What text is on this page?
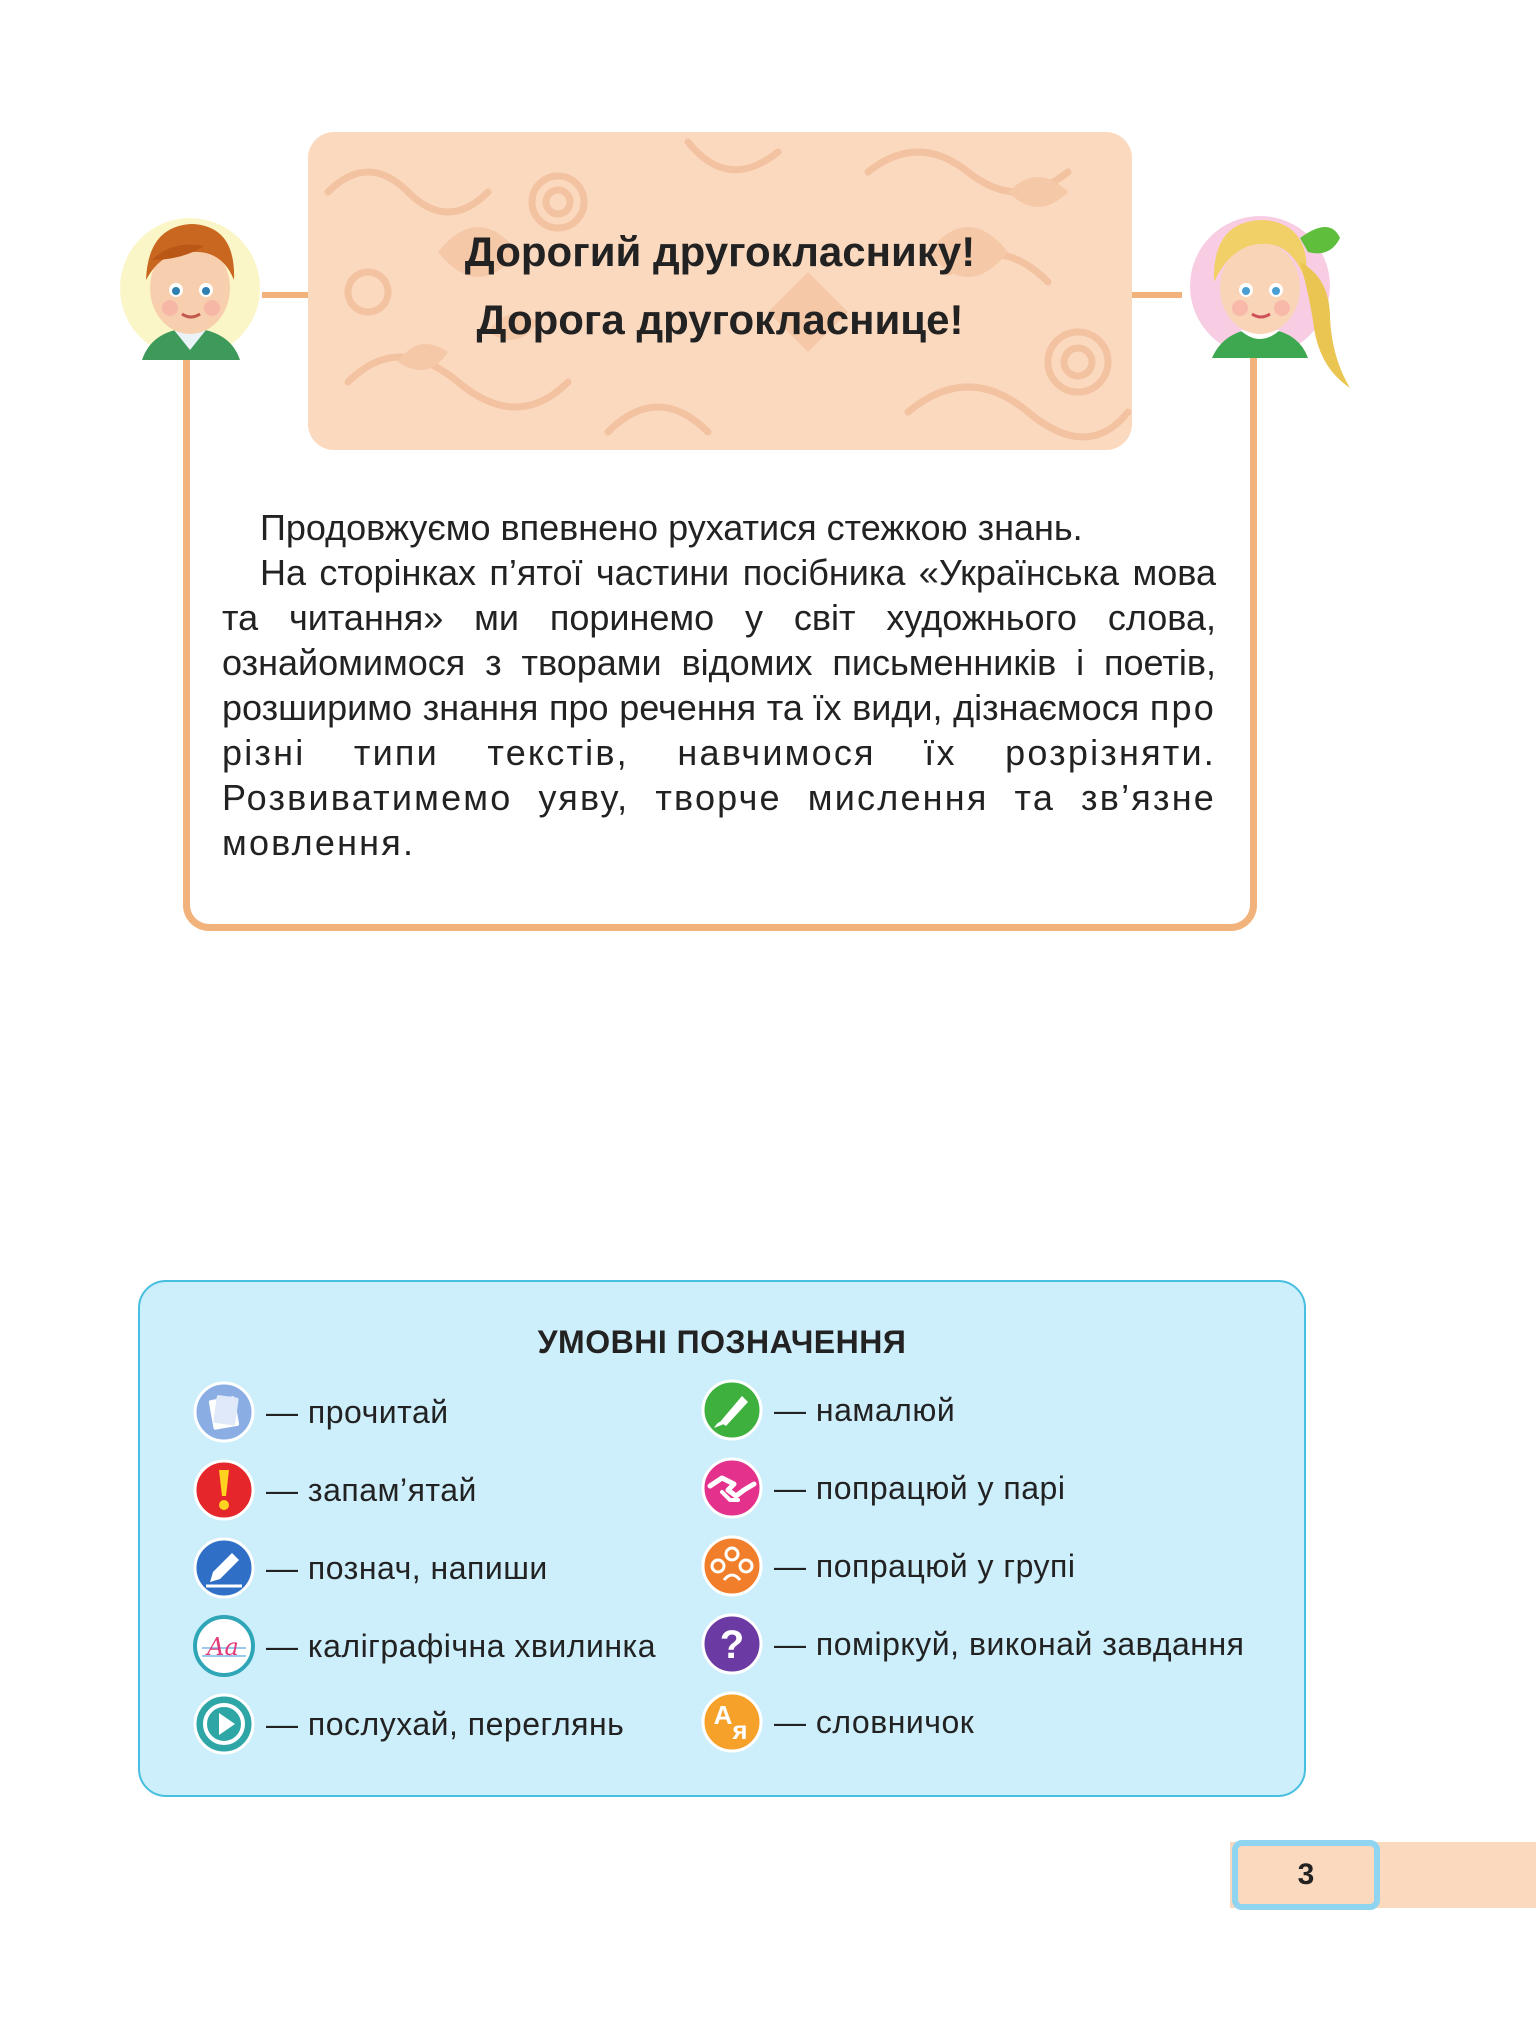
Дорогий другокласнику!
Дорога другокласнице!

Продовжуємо впевнено рухатися стежкою знань.

На сторінках п’ятої частини посібника «Українська мова та читання» ми поринемо у світ художнього слова, ознайомимося з творами відомих письменників і поетів, розширимо знання про речення та їх види, дізнаємося про різні типи текстів, навчимося їх розрізняти. Розвиватимемо уяву, творче мислення та зв’язне мовлення.

УМОВНІ ПОЗНАЧЕННЯ
— прочитай
— запам’ятай
— познач, напиши
Aa — каліграфічна хвилинка
— послухай, переглянь
— намалюй
— попрацюй у парі
— попрацюй у групі
? — поміркуй, виконай завдання
А я — словничок
3
